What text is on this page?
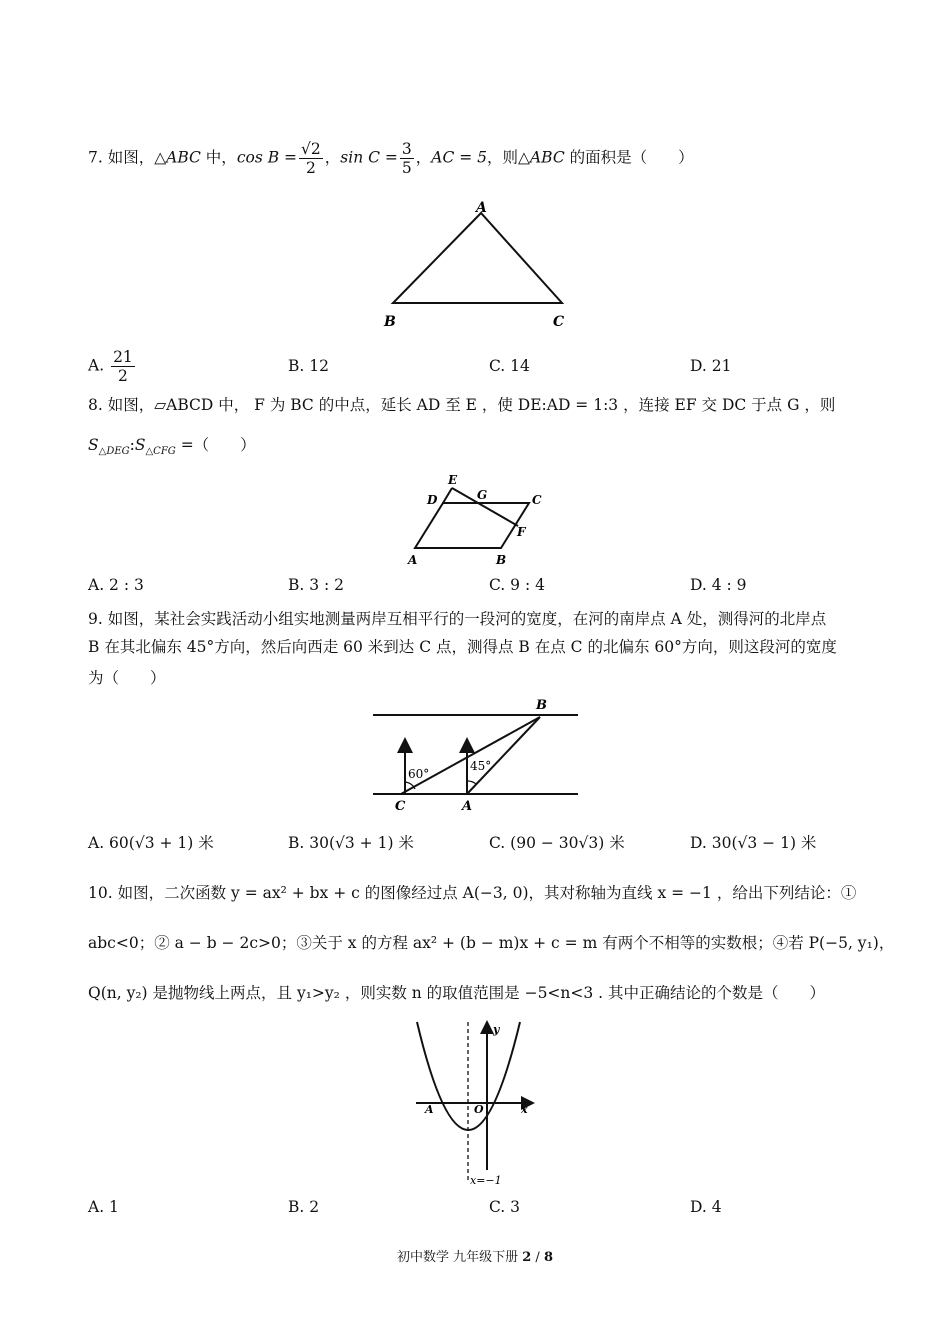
7. 如图，△ABC 中，$\cos B = \frac{√2}{2}$ ，$\sin C = \frac{3}{5}$ ，AC = 5，则△ABC 的面积是（　　）
A
B	C
A. $\frac{21}{2}$	B. 12	C. 14	D. 21
8. 如图，▱ABCD 中， F 为 BC 的中点，延长 AD 至 E ，使 DE:AD = 1:3 ，连接 EF 交 DC 于点 G ，则
$S_{\triangle DEG}:S_{\triangle CFG}$ =（　　）
E
D	G	C
F
A	B
A. 2 : 3	B. 3 : 2	C. 9 : 4	D. 4 : 9
9. 如图，某社会实践活动小组实地测量两岸互相平行的一段河的宽度，在河的南岸点 A 处，测得河的北岸点
B 在其北偏东 45°方向，然后向西走 60 米到达 C 点，测得点 B 在点 C 的北偏东 60°方向，则这段河的宽度
为（　　）
60°
45°
B
C	A
A. 60(√3 + 1) 米	B. 30(√3 + 1) 米	C. (90 − 30√3) 米	D. 30(√3 − 1) 米
10. 如图，二次函数 y = ax² + bx + c 的图像经过点 A(−3, 0)，其对称轴为直线 x = −1 ，给出下列结论：①
abc<0；② a − b − 2c>0；③关于 x 的方程 ax² + (b − m)x + c = m 有两个不相等的实数根；④若 P(−5, y₁)，
Q(n, y₂) 是抛物线上两点，且 y₁>y₂ ，则实数 n 的取值范围是 −5<n<3 . 其中正确结论的个数是（　　）
y
x
A	O
x=−1
A. 1	B. 2	C. 3	D. 4
初中数学 九年级下册 2 / 8
